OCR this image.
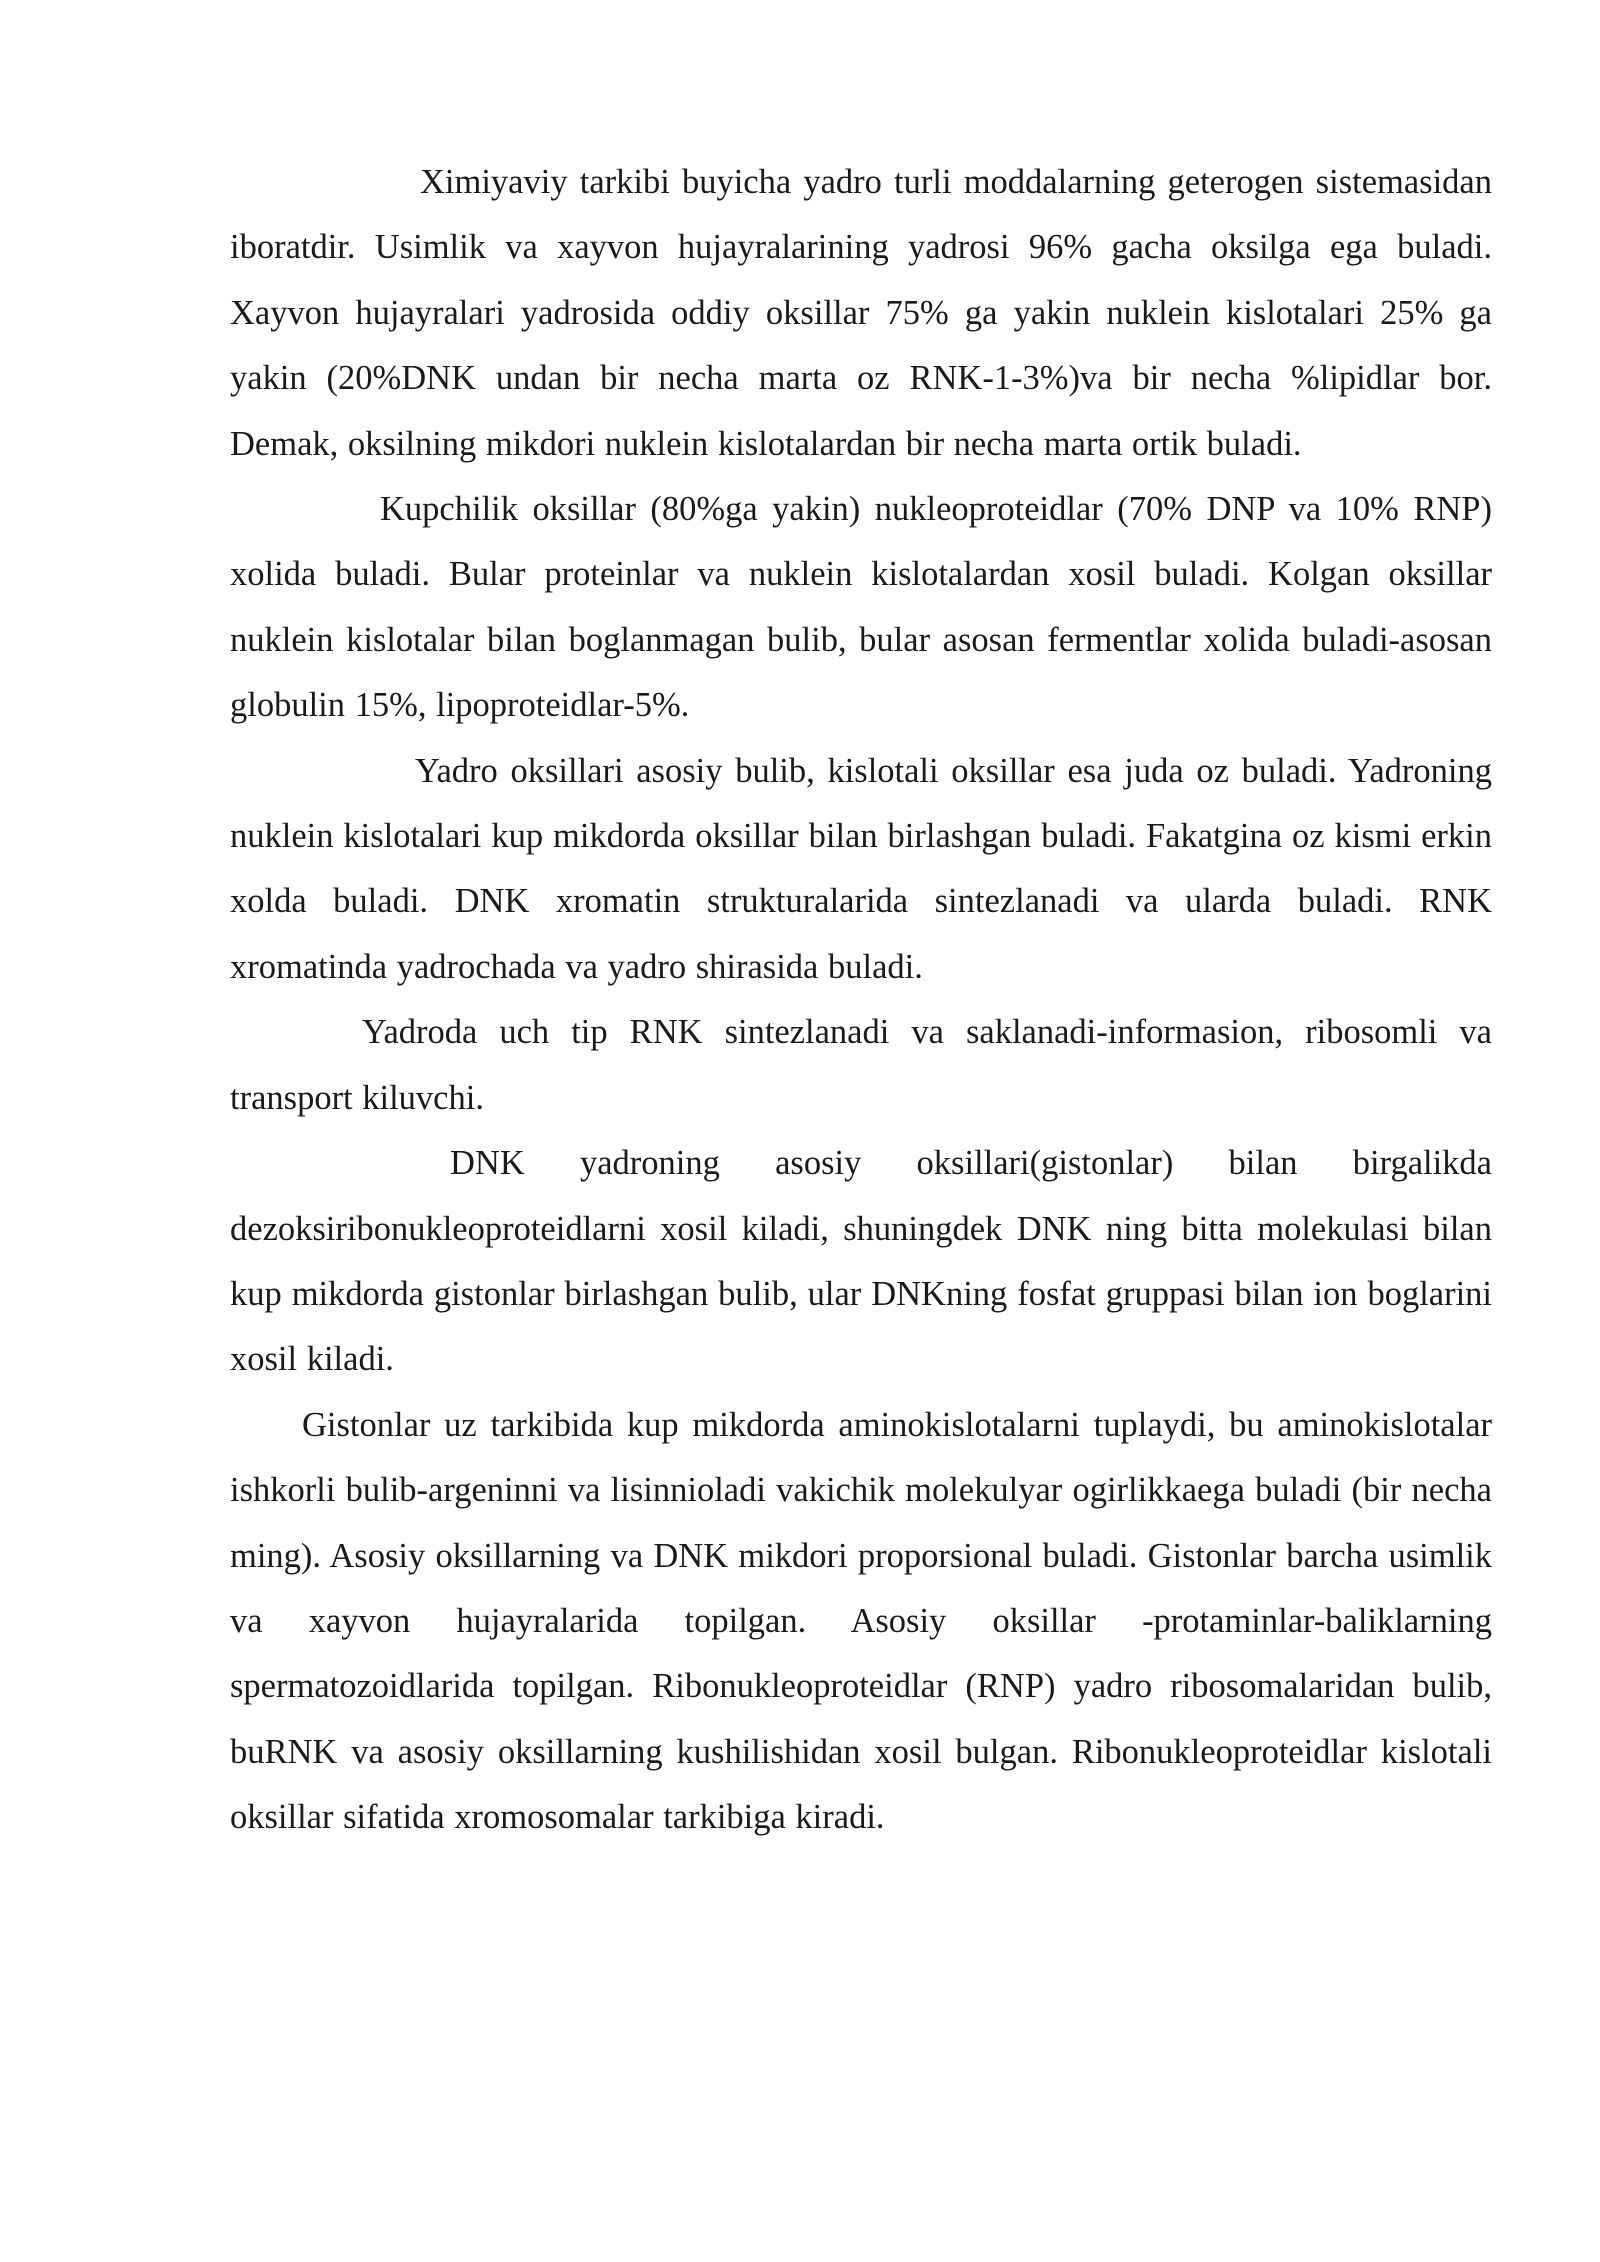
Ximiyaviy tarkibi buyicha yadro turli moddalarning geterogen sistemasidan iboratdir. Usimlik va xayvon hujayralarining yadrosi 96% gacha oksilga ega buladi. Xayvon hujayralari yadrosida oddiy oksillar 75% ga yakin nuklein kislotalari 25% ga yakin (20%DNK undan bir necha marta oz RNK-1-3%)va bir necha %lipidlar bor. Demak, oksilning mikdori nuklein kislotalardan bir necha marta ortik buladi.

Kupchilik oksillar (80%ga yakin) nukleoproteidlar (70% DNP va 10% RNP) xolida buladi. Bular proteinlar va nuklein kislotalardan xosil buladi. Kolgan oksillar nuklein kislotalar bilan boglanmagan bulib, bular asosan fermentlar xolida buladi-asosan globulin 15%, lipoproteidlar-5%.

Yadro oksillari asosiy bulib, kislotali oksillar esa juda oz buladi. Yadroning nuklein kislotalari kup mikdorda oksillar bilan birlashgan buladi. Fakatgina oz kismi erkin xolda buladi. DNK xromatin strukturalarida sintezlanadi va ularda buladi. RNK xromatinda yadrochada va yadro shirasida buladi.

Yadroda uch tip RNK sintezlanadi va saklanadi-informasion, ribosomli va transport kiluvchi.

DNK yadroning asosiy oksillari(gistonlar) bilan birgalikda dezoksiribonukleoproteidlarni xosil kiladi, shuningdek DNK ning bitta molekulasi bilan kup mikdorda gistonlar birlashgan bulib, ular DNKning fosfat gruppasi bilan ion boglarini xosil kiladi.

Gistonlar uz tarkibida kup mikdorda aminokislotalarni tuplaydi, bu aminokislotalar ishkorli bulib-argeninni va lisinnioladi vakichik molekulyar ogirlikkaega buladi (bir necha ming). Asosiy oksillarning va DNK mikdori proporsional buladi. Gistonlar barcha usimlik va xayvon hujayralarida topilgan. Asosiy oksillar -protaminlar-baliklarning spermatozoidlarida topilgan. Ribonukleoproteidlar (RNP) yadro ribosomalaridan bulib, buRNK va asosiy oksillarning kushilishidan xosil bulgan. Ribonukleoproteidlar kislotali oksillar sifatida xromosomalar tarkibiga kiradi.
